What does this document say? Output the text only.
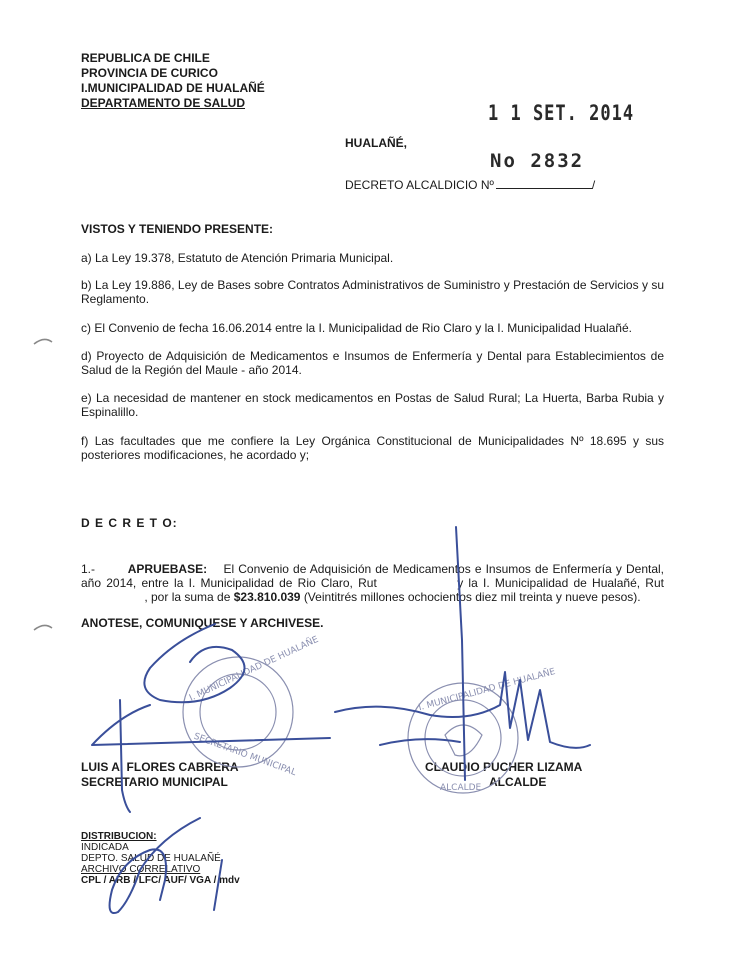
REPUBLICA DE CHILE
PROVINCIA DE CURICO
I.MUNICIPALIDAD DE HUALAÑÉ
DEPARTAMENTO DE SALUD	1 1 SET. 2014
HUALAÑÉ,
No 2832
DECRETO ALCALDICIO Nº	/
VISTOS Y TENIENDO PRESENTE:
a) La Ley 19.378, Estatuto de Atención Primaria Municipal.
b) La Ley 19.886, Ley de Bases sobre Contratos Administrativos de Suministro y Prestación de Servicios y su Reglamento.
c) El Convenio de fecha 16.06.2014 entre la I. Municipalidad de Rio Claro y la I. Municipalidad Hualañé.
d) Proyecto de Adquisición de Medicamentos e Insumos de Enfermería y Dental para Establecimientos de Salud de la Región del Maule - año 2014.
e) La necesidad de mantener en stock medicamentos en Postas de Salud Rural; La Huerta, Barba Rubia y Espinalillo.
f) Las facultades que me confiere la Ley Orgánica Constitucional de Municipalidades Nº 18.695 y sus posteriores modificaciones, he acordado y;
D E C R E T O:
1.-	APRUEBASE: El Convenio de Adquisición de Medicamentos e Insumos de Enfermería y Dental, año 2014, entre la I. Municipalidad de Rio Claro, Rut	y la I. Municipalidad de Hualañé, Rut  , por la suma de $23.810.039 (Veintitrés millones ochocientos diez mil treinta y nueve pesos).
ANOTESE, COMUNIQUESE Y ARCHIVESE.
LUIS A. FLORES CABRERA
SECRETARIO MUNICIPAL
CLAUDIO PUCHER LIZAMA
ALCALDE
DISTRIBUCION:
INDICADA
DEPTO. SALUD DE HUALAÑÉ
ARCHIVO CORRELATIVO
CPL / ARB / LFC/ AUF/ VGA / mdv
I. MUNICIPALIDAD DE HUALAÑE
SECRETARIO MUNICIPAL
I. MUNICIPALIDAD DE HUALAÑE
ALCALDE
